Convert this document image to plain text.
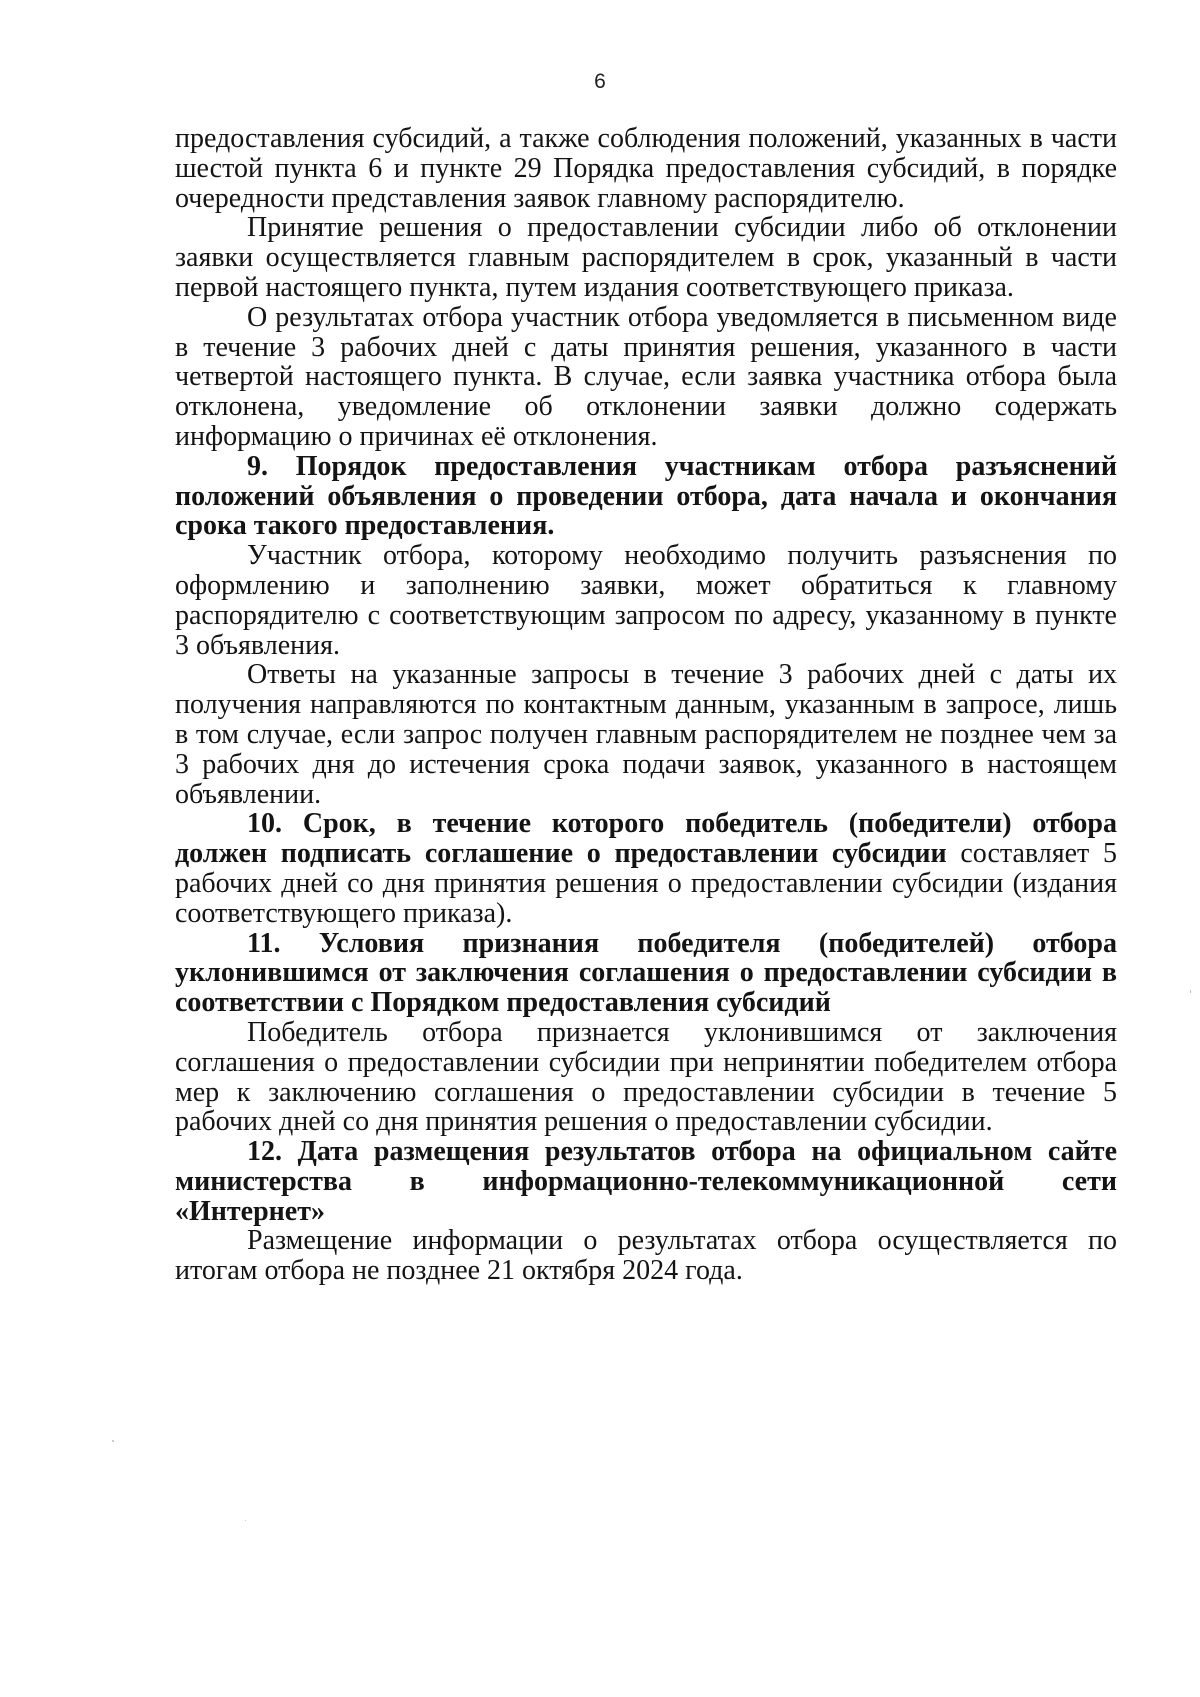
6

предоставления субсидий, а также соблюдения положений, указанных в части шестой пункта 6 и пункте 29 Порядка предоставления субсидий, в порядке очередности представления заявок главному распорядителю.

Принятие решения о предоставлении субсидии либо об отклонении заявки осуществляется главным распорядителем в срок, указанный в части первой настоящего пункта, путем издания соответствующего приказа.

О результатах отбора участник отбора уведомляется в письменном виде в течение 3 рабочих дней с даты принятия решения, указанного в части четвертой настоящего пункта. В случае, если заявка участника отбора была отклонена, уведомление об отклонении заявки должно содержать информацию о причинах её отклонения.

9. Порядок предоставления участникам отбора разъяснений положений объявления о проведении отбора, дата начала и окончания срока такого предоставления.

Участник отбора, которому необходимо получить разъяснения по оформлению и заполнению заявки, может обратиться к главному распорядителю с соответствующим запросом по адресу, указанному в пункте 3 объявления.

Ответы на указанные запросы в течение 3 рабочих дней с даты их получения направляются по контактным данным, указанным в запросе, лишь в том случае, если запрос получен главным распорядителем не позднее чем за 3 рабочих дня до истечения срока подачи заявок, указанного в настоящем объявлении.

10. Срок, в течение которого победитель (победители) отбора должен подписать соглашение о предоставлении субсидии составляет 5 рабочих дней со дня принятия решения о предоставлении субсидии (издания соответствующего приказа).

11. Условия признания победителя (победителей) отбора уклонившимся от заключения соглашения о предоставлении субсидии в соответствии с Порядком предоставления субсидий

Победитель отбора признается уклонившимся от заключения соглашения о предоставлении субсидии при непринятии победителем отбора мер к заключению соглашения о предоставлении субсидии в течение 5 рабочих дней со дня принятия решения о предоставлении субсидии.

12. Дата размещения результатов отбора на официальном сайте министерства в информационно-телекоммуникационной сети «Интернет»

Размещение информации о результатах отбора осуществляется по итогам отбора не позднее 21 октября 2024 года.
